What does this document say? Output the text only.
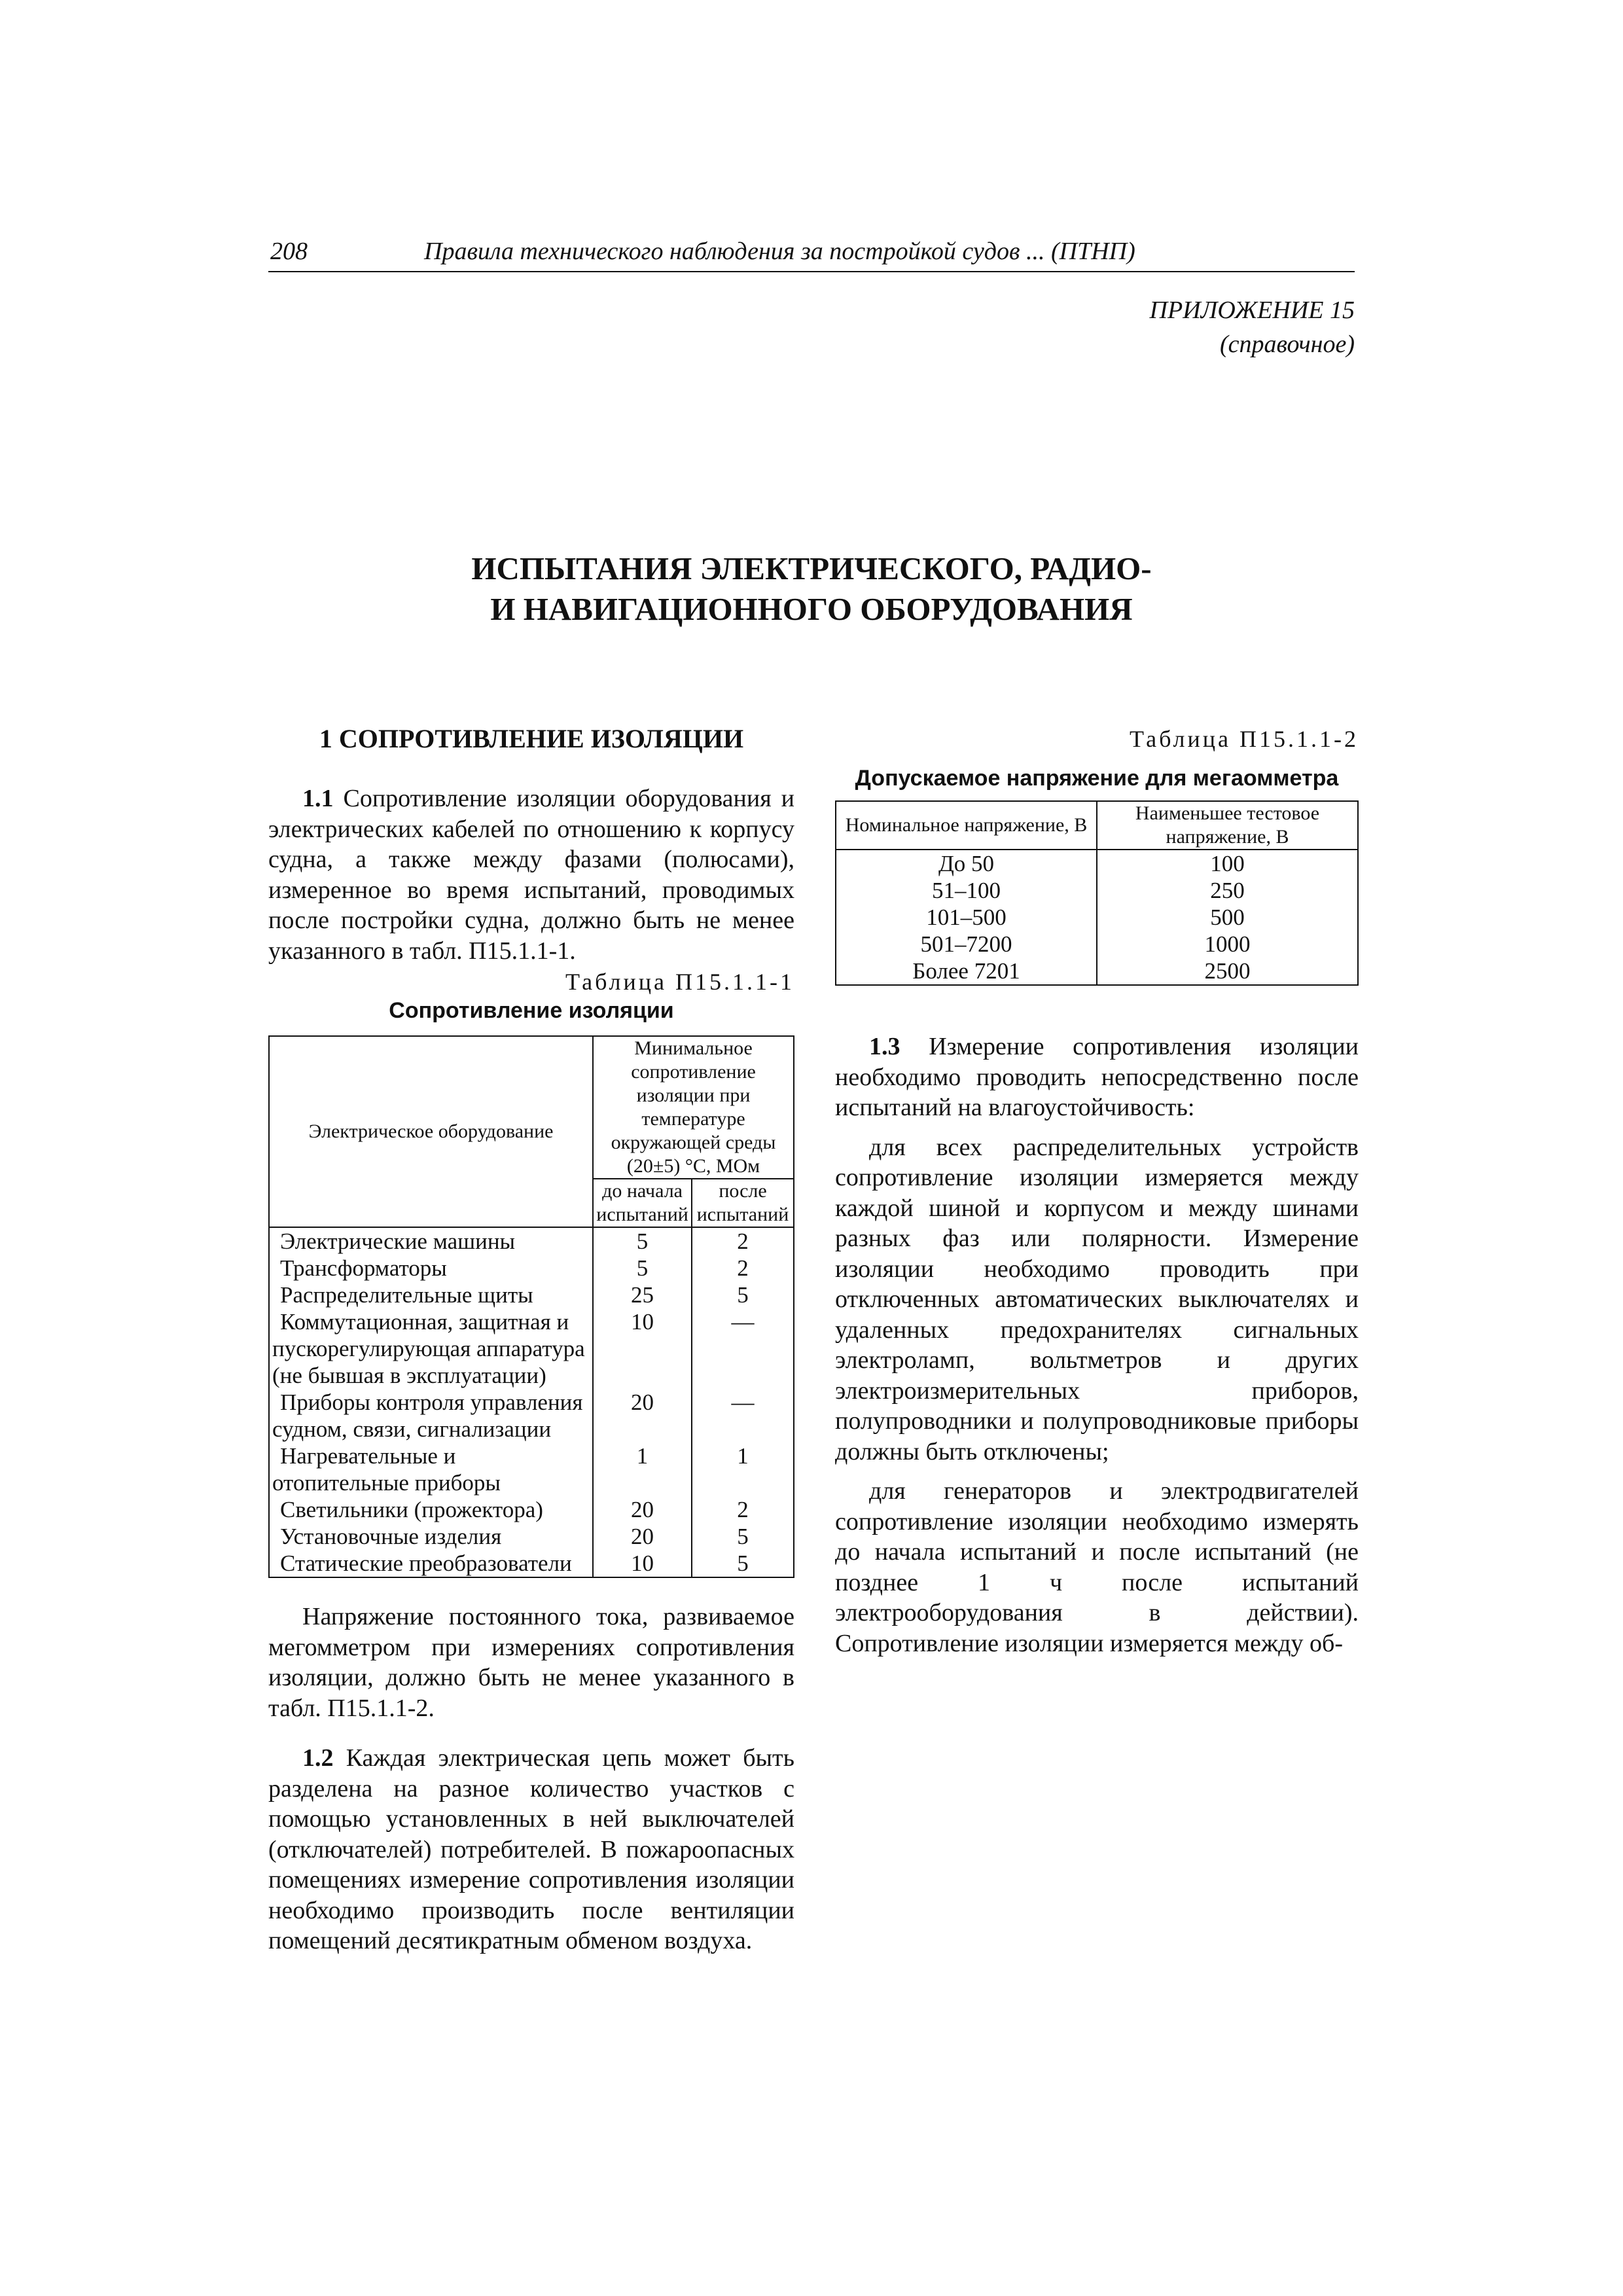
208	Правила технического наблюдения за постройкой судов ... (ПТНП)
ПРИЛОЖЕНИЕ 15
(справочное)
ИСПЫТАНИЯ ЭЛЕКТРИЧЕСКОГО, РАДИО-
И НАВИГАЦИОННОГО ОБОРУДОВАНИЯ
1 СОПРОТИВЛЕНИЕ ИЗОЛЯЦИИ

1.1 Сопротивление изоляции оборудования и электрических кабелей по отношению к корпусу судна, а также между фазами (полюсами), измеренное во время испытаний, проводимых после постройки судна, должно быть не менее указанного в табл. П15.1.1-1.

Таблица П15.1.1-1
Сопротивление изоляции
Электрическое оборудование	Минимальное сопротивление изоляции при температуре окружающей среды (20±5) °С, МОм	
	до начала испытаний	после испытаний
Электрические машины	5	2
Трансформаторы	5	2
Распределительные щиты	25	5
Коммутационная, защитная и пускорегулирующая аппаратура (не бывшая в эксплуатации)	10	—
Приборы контроля управления судном, связи, сигнализации	20	—
Нагревательные и отопительные приборы	1	1
Светильники (прожектора)	20	2
Установочные изделия	20	5
Статические преобразователи	10	5

Напряжение постоянного тока, развиваемое мегомметром при измерениях сопротивления изоляции, должно быть не менее указанного в табл. П15.1.1-2.

1.2 Каждая электрическая цепь может быть разделена на разное количество участков с помощью установленных в ней выключателей (отключателей) потребителей. В пожароопасных помещениях измерение сопротивления изоляции необходимо производить после вентиляции помещений десятикратным обменом воздуха.

Таблица П15.1.1-2
Допускаемое напряжение для мегаомметра
Номинальное напряжение, В	Наименьшее тестовое напряжение, В
До 50	100
51–100	250
101–500	500
501–7200	1000
Более 7201	2500

1.3 Измерение сопротивления изоляции необходимо проводить непосредственно после испытаний на влагоустойчивость:

для всех распределительных устройств сопротивление изоляции измеряется между каждой шиной и корпусом и между шинами разных фаз или полярности. Измерение изоляции необходимо проводить при отключенных автоматических выключателях и удаленных предохранителях сигнальных электроламп, вольтметров и других электроизмерительных приборов, полупроводники и полупроводниковые приборы должны быть отключены;

для генераторов и электродвигателей сопротивление изоляции необходимо измерять до начала испытаний и после испытаний (не позднее 1 ч после испытаний электрооборудования в действии). Сопротивление изоляции измеряется между об-
